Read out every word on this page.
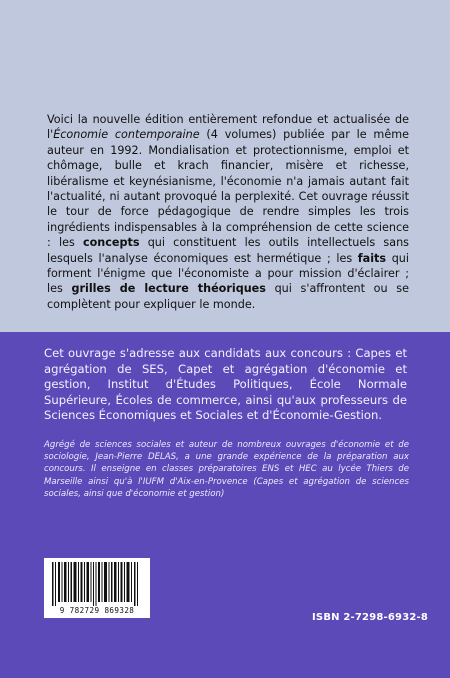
Voici la nouvelle édition entièrement refondue et actualisée de l'Économie contemporaine (4 volumes) publiée par le même auteur en 1992. Mondialisation et protectionnisme, emploi et chômage, bulle et krach financier, misère et richesse, libéralisme et keynésianisme, l'économie n'a jamais autant fait l'actualité, ni autant provoqué la perplexité. Cet ouvrage réussit le tour de force pédagogique de rendre simples les trois ingrédients indispensables à la compréhension de cette science : les concepts qui constituent les outils intellectuels sans lesquels l'analyse économiques est hermétique ; les faits qui forment l'énigme que l'économiste a pour mission d'éclairer ; les grilles de lecture théoriques qui s'affrontent ou se complètent pour expliquer le monde.

Cet ouvrage s'adresse aux candidats aux concours : Capes et agrégation de SES, Capet et agrégation d'économie et gestion, Institut d'Études Politiques, École Normale Supérieure, Écoles de commerce, ainsi qu'aux professeurs de Sciences Économiques et Sociales et d'Économie-Gestion.

Agrégé de sciences sociales et auteur de nombreux ouvrages d'économie et de sociologie, Jean-Pierre DELAS, a une grande expérience de la préparation aux concours. Il enseigne en classes préparatoires ENS et HEC au lycée Thiers de Marseille ainsi qu'à l'IUFM d'Aix-en-Provence (Capes et agrégation de sciences sociales, ainsi que d'économie et gestion)

9 782729 869328

ISBN 2-7298-6932-8
